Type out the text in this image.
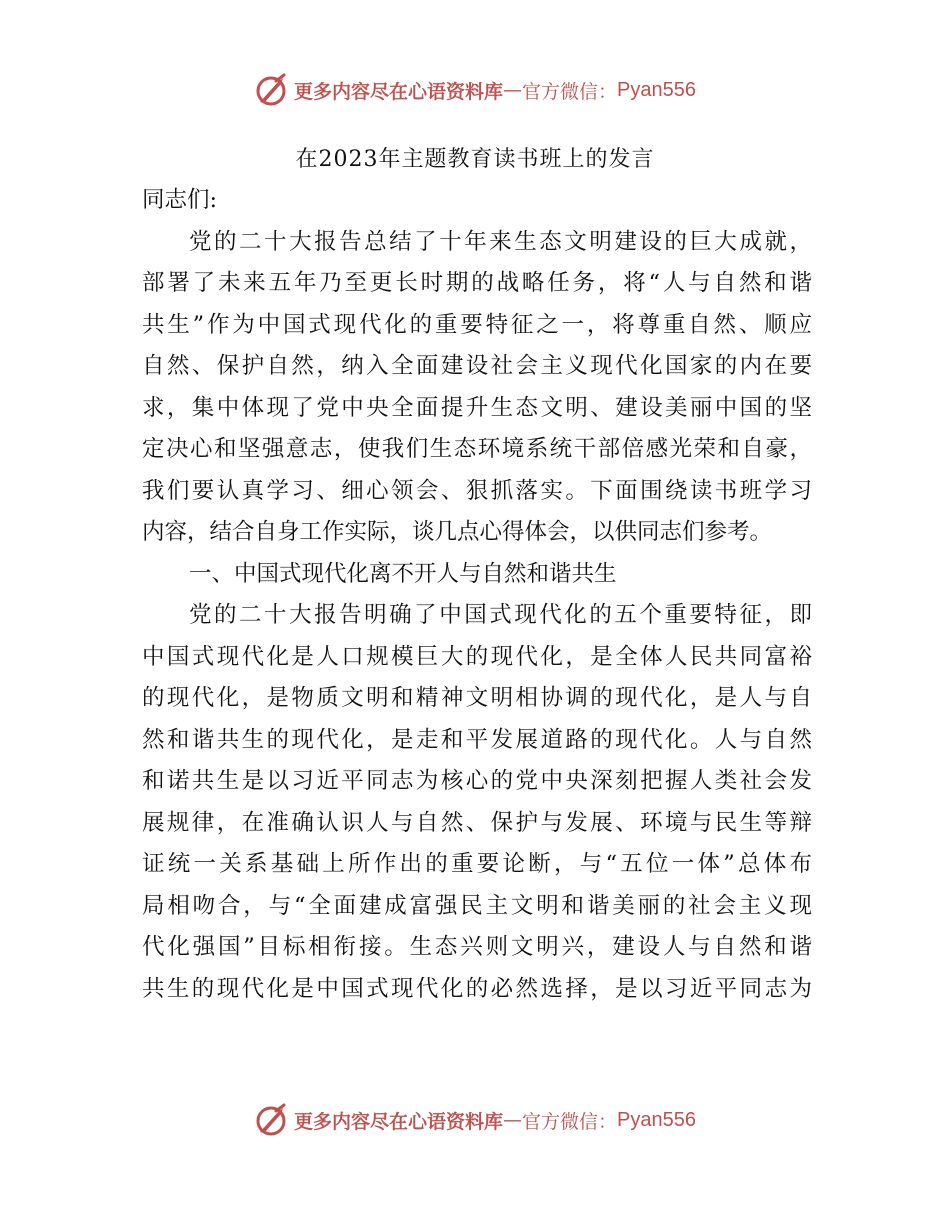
更多内容尽在心语资料库 — 官方微信： Pyan556
在2023年主题教育读书班上的发言
同志们:
党的二十大报告总结了十年来生态文明建设的巨大成就，
部署了未来五年乃至更长时期的战略任务，将“人与自然和谐
共生”作为中国式现代化的重要特征之一，将尊重自然、顺应
自然、保护自然，纳入全面建设社会主义现代化国家的内在要
求，集中体现了党中央全面提升生态文明、建设美丽中国的坚
定决心和坚强意志，使我们生态环境系统干部倍感光荣和自豪，
我们要认真学习、细心领会、狠抓落实。下面围绕读书班学习
内容，结合自身工作实际，谈几点心得体会，以供同志们参考。
一、中国式现代化离不开人与自然和谐共生
党的二十大报告明确了中国式现代化的五个重要特征，即
中国式现代化是人口规模巨大的现代化，是全体人民共同富裕
的现代化，是物质文明和精神文明相协调的现代化，是人与自
然和谐共生的现代化，是走和平发展道路的现代化。人与自然
和诺共生是以习近平同志为核心的党中央深刻把握人类社会发
展规律，在准确认识人与自然、保护与发展、环境与民生等辩
证统一关系基础上所作出的重要论断，与“五位一体”总体布
局相吻合，与“全面建成富强民主文明和谐美丽的社会主义现
代化强国”目标相衔接。生态兴则文明兴，建设人与自然和谐
共生的现代化是中国式现代化的必然选择，是以习近平同志为
更多内容尽在心语资料库 — 官方微信： Pyan556
